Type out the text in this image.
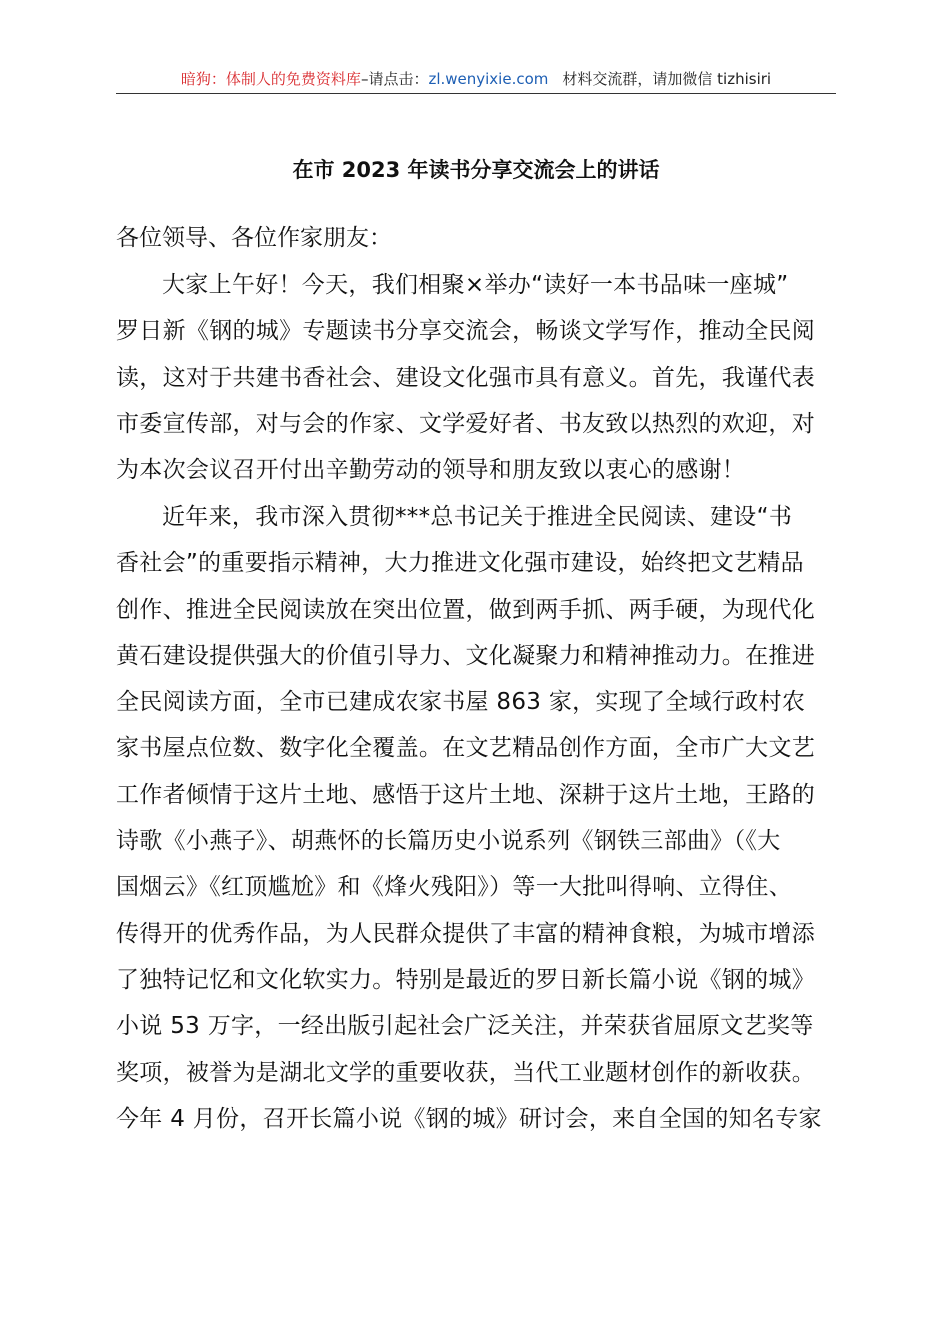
暗狗：体制人的免费资料库–请点击：zl.wenyixie.com 材料交流群，请加微信 tizhisiri
在市 2023 年读书分享交流会上的讲话
各位领导、各位作家朋友：
大家上午好！今天，我们相聚×举办“读好一本书品味一座城”
罗日新《钢的城》专题读书分享交流会，畅谈文学写作，推动全民阅
读，这对于共建书香社会、建设文化强市具有意义。首先，我谨代表
市委宣传部，对与会的作家、文学爱好者、书友致以热烈的欢迎，对
为本次会议召开付出辛勤劳动的领导和朋友致以衷心的感谢！
近年来，我市深入贯彻***总书记关于推进全民阅读、建设“书
香社会”的重要指示精神，大力推进文化强市建设，始终把文艺精品
创作、推进全民阅读放在突出位置，做到两手抓、两手硬，为现代化
黄石建设提供强大的价值引导力、文化凝聚力和精神推动力。在推进
全民阅读方面，全市已建成农家书屋 863 家，实现了全域行政村农
家书屋点位数、数字化全覆盖。在文艺精品创作方面，全市广大文艺
工作者倾情于这片土地、感悟于这片土地、深耕于这片土地，王路的
诗歌《小燕子》、胡燕怀的长篇历史小说系列《钢铁三部曲》（《大
国烟云》《红顶尴尬》和《烽火残阳》）等一大批叫得响、立得住、
传得开的优秀作品，为人民群众提供了丰富的精神食粮，为城市增添
了独特记忆和文化软实力。特别是最近的罗日新长篇小说《钢的城》
小说 53 万字，一经出版引起社会广泛关注，并荣获省屈原文艺奖等
奖项，被誉为是湖北文学的重要收获，当代工业题材创作的新收获。
今年 4 月份，召开长篇小说《钢的城》研讨会，来自全国的知名专家
